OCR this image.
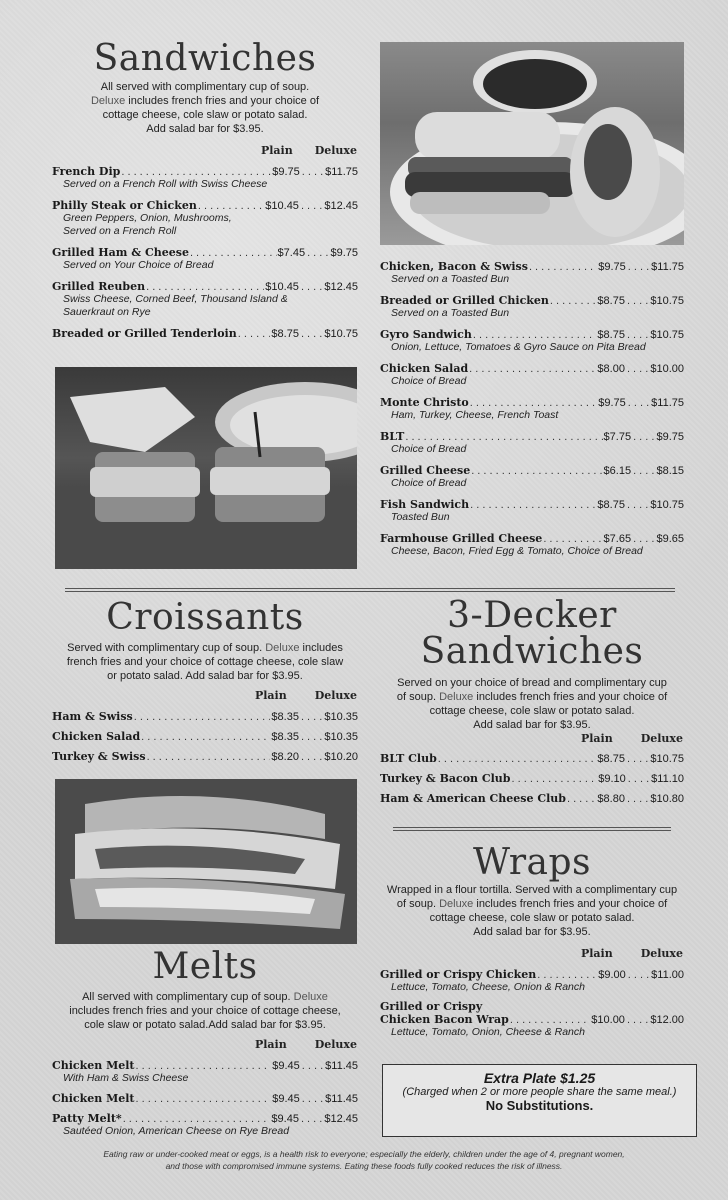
Sandwiches
All served with complimentary cup of soup.
Deluxe includes french fries and your choice of
cottage cheese, cole slaw or potato salad.
Add salad bar for $3.95.
Plain Deluxe
French Dip . . .	$9.75 . . . . $11.75
Served on a French Roll with Swiss Cheese
Philly Steak or Chicken . . .	$10.45 . . . . $12.45
Green Peppers, Onion, Mushrooms,
Served on a French Roll
Grilled Ham & Cheese . . .	$7.45 . . . . $9.75
Served on Your Choice of Bread
Grilled Reuben . . .	$10.45 . . . . $12.45
Swiss Cheese, Corned Beef, Thousand Island &
Sauerkraut on Rye
Breaded or Grilled Tenderloin . . .	$8.75 . . . . $10.75
Chicken, Bacon & Swiss . . .	$9.75 . . . . $11.75
Served on a Toasted Bun
Breaded or Grilled Chicken . . .	$8.75 . . . . $10.75
Served on a Toasted Bun
Gyro Sandwich . . .	$8.75 . . . . $10.75
Onion, Lettuce, Tomatoes & Gyro Sauce on Pita Bread
Chicken Salad . . .	$8.00 . . . . $10.00
Choice of Bread
Monte Christo . . .	$9.75 . . . . $11.75
Ham, Turkey, Cheese, French Toast
BLT . . .	$7.75 . . . . $9.75
Choice of Bread
Grilled Cheese . . .	$6.15 . . . . $8.15
Choice of Bread
Fish Sandwich . . .	$8.75 . . . . $10.75
Toasted Bun
Farmhouse Grilled Cheese . . .	$7.65 . . . . $9.65
Cheese, Bacon, Fried Egg & Tomato, Choice of Bread
Croissants
Served with complimentary cup of soup. Deluxe includes
french fries and your choice of cottage cheese, cole slaw
or potato salad. Add salad bar for $3.95.
Plain	Deluxe
Ham & Swiss . . .	$8.35 . . . . $10.35
Chicken Salad . . .	$8.35 . . . . $10.35
Turkey & Swiss . . .	$8.20 . . . . $10.20
Melts
All served with complimentary cup of soup. Deluxe
includes french fries and your choice of cottage cheese,
cole slaw or potato salad.Add salad bar for $3.95.
Plain	Deluxe
Chicken Melt . . .	$9.45 . . . . $11.45
With Ham & Swiss Cheese
Chicken Melt . . .	$9.45 . . . . $11.45
Patty Melt* . . .	$9.45 . . . . $12.45
Sautéed Onion, American Cheese on Rye Bread
3-Decker
Sandwiches
Served on your choice of bread and complimentary cup
of soup. Deluxe includes french fries and your choice of
cottage cheese, cole slaw or potato salad.
Add salad bar for $3.95.
Plain	Deluxe
BLT Club . . .	$8.75 . . . . $10.75
Turkey & Bacon Club . . .	$9.10 . . . . $11.10
Ham & American Cheese Club . . .	$8.80 . . . . $10.80
Wraps
Wrapped in a flour tortilla. Served with a complimentary cup
of soup. Deluxe includes french fries and your choice of
cottage cheese, cole slaw or potato salad.
Add salad bar for $3.95.
Plain	Deluxe
Grilled or Crispy Chicken . . .	$9.00 . . . . $11.00
Lettuce, Tomato, Cheese, Onion & Ranch
Grilled or Crispy
Chicken Bacon Wrap . . .	$10.00 . . . . $12.00
Lettuce, Tomato, Onion, Cheese & Ranch
Extra Plate $1.25
(Charged when 2 or more people share the same meal.)
No Substitutions.
Eating raw or under-cooked meat or eggs, is a health risk to everyone; especially the elderly, children under the age of 4, pregnant women,
and those with compromised immune systems. Eating these foods fully cooked reduces the risk of illness.
